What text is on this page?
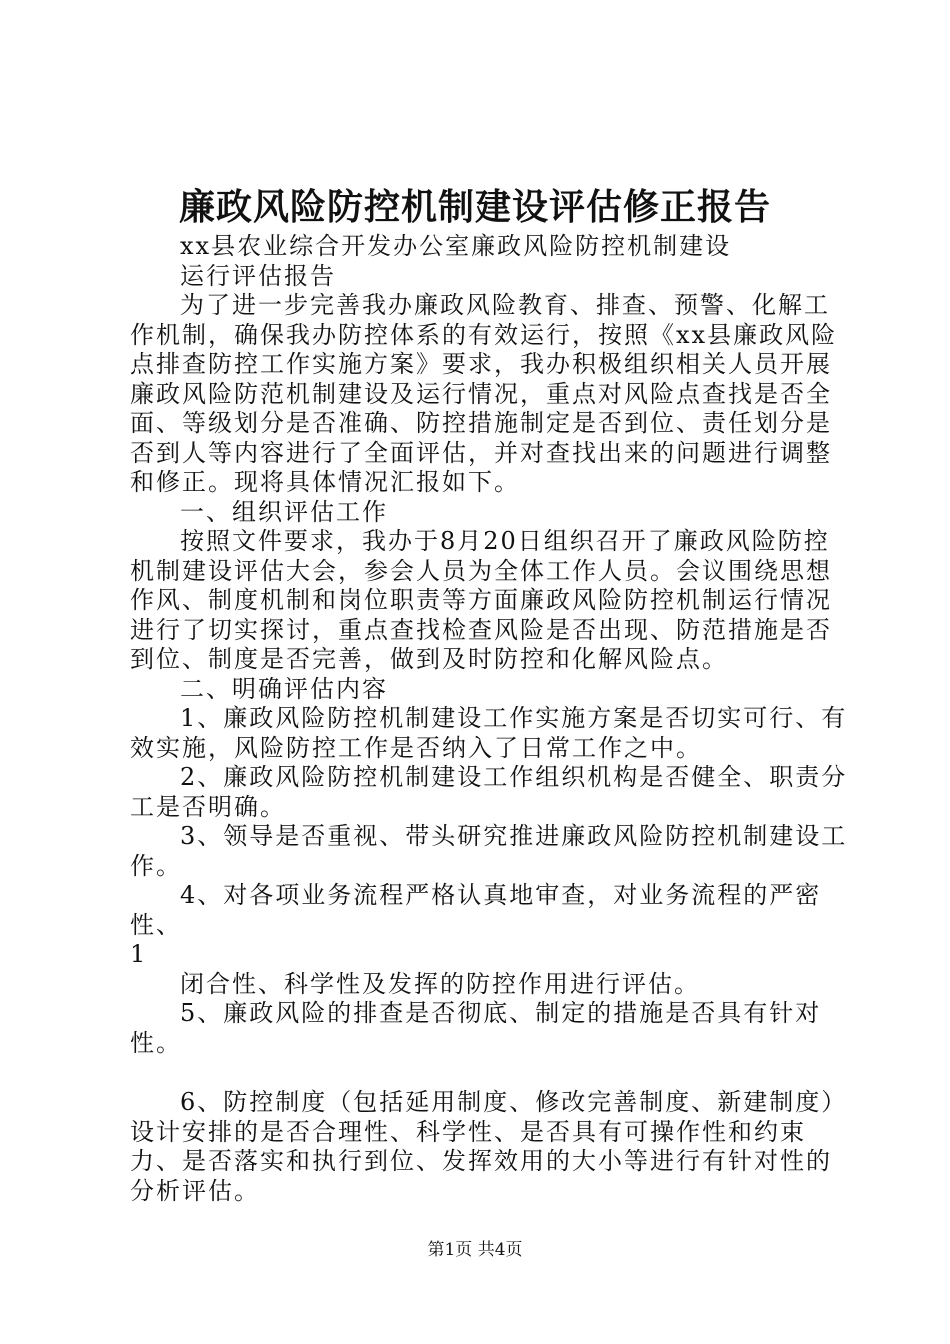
廉政风险防控机制建设评估修正报告

xx县农业综合开发办公室廉政风险防控机制建设

运行评估报告

为了进一步完善我办廉政风险教育、排查、预警、化解工作机制，确保我办防控体系的有效运行，按照《xx县廉政风险点排查防控工作实施方案》要求，我办积极组织相关人员开展廉政风险防范机制建设及运行情况，重点对风险点查找是否全面、等级划分是否准确、防控措施制定是否到位、责任划分是否到人等内容进行了全面评估，并对查找出来的问题进行调整和修正。现将具体情况汇报如下。

一、组织评估工作

按照文件要求，我办于8月20日组织召开了廉政风险防控机制建设评估大会，参会人员为全体工作人员。会议围绕思想作风、制度机制和岗位职责等方面廉政风险防控机制运行情况进行了切实探讨，重点查找检查风险是否出现、防范措施是否到位、制度是否完善，做到及时防控和化解风险点。

二、明确评估内容

1、廉政风险防控机制建设工作实施方案是否切实可行、有效实施，风险防控工作是否纳入了日常工作之中。

2、廉政风险防控机制建设工作组织机构是否健全、职责分工是否明确。

3、领导是否重视、带头研究推进廉政风险防控机制建设工作。

4、对各项业务流程严格认真地审查，对业务流程的严密性、

1

闭合性、科学性及发挥的防控作用进行评估。

5、廉政风险的排查是否彻底、制定的措施是否具有针对性。

6、防控制度（包括延用制度、修改完善制度、新建制度）设计安排的是否合理性、科学性、是否具有可操作性和约束力、是否落实和执行到位、发挥效用的大小等进行有针对性的分析评估。

第1页 共4页
